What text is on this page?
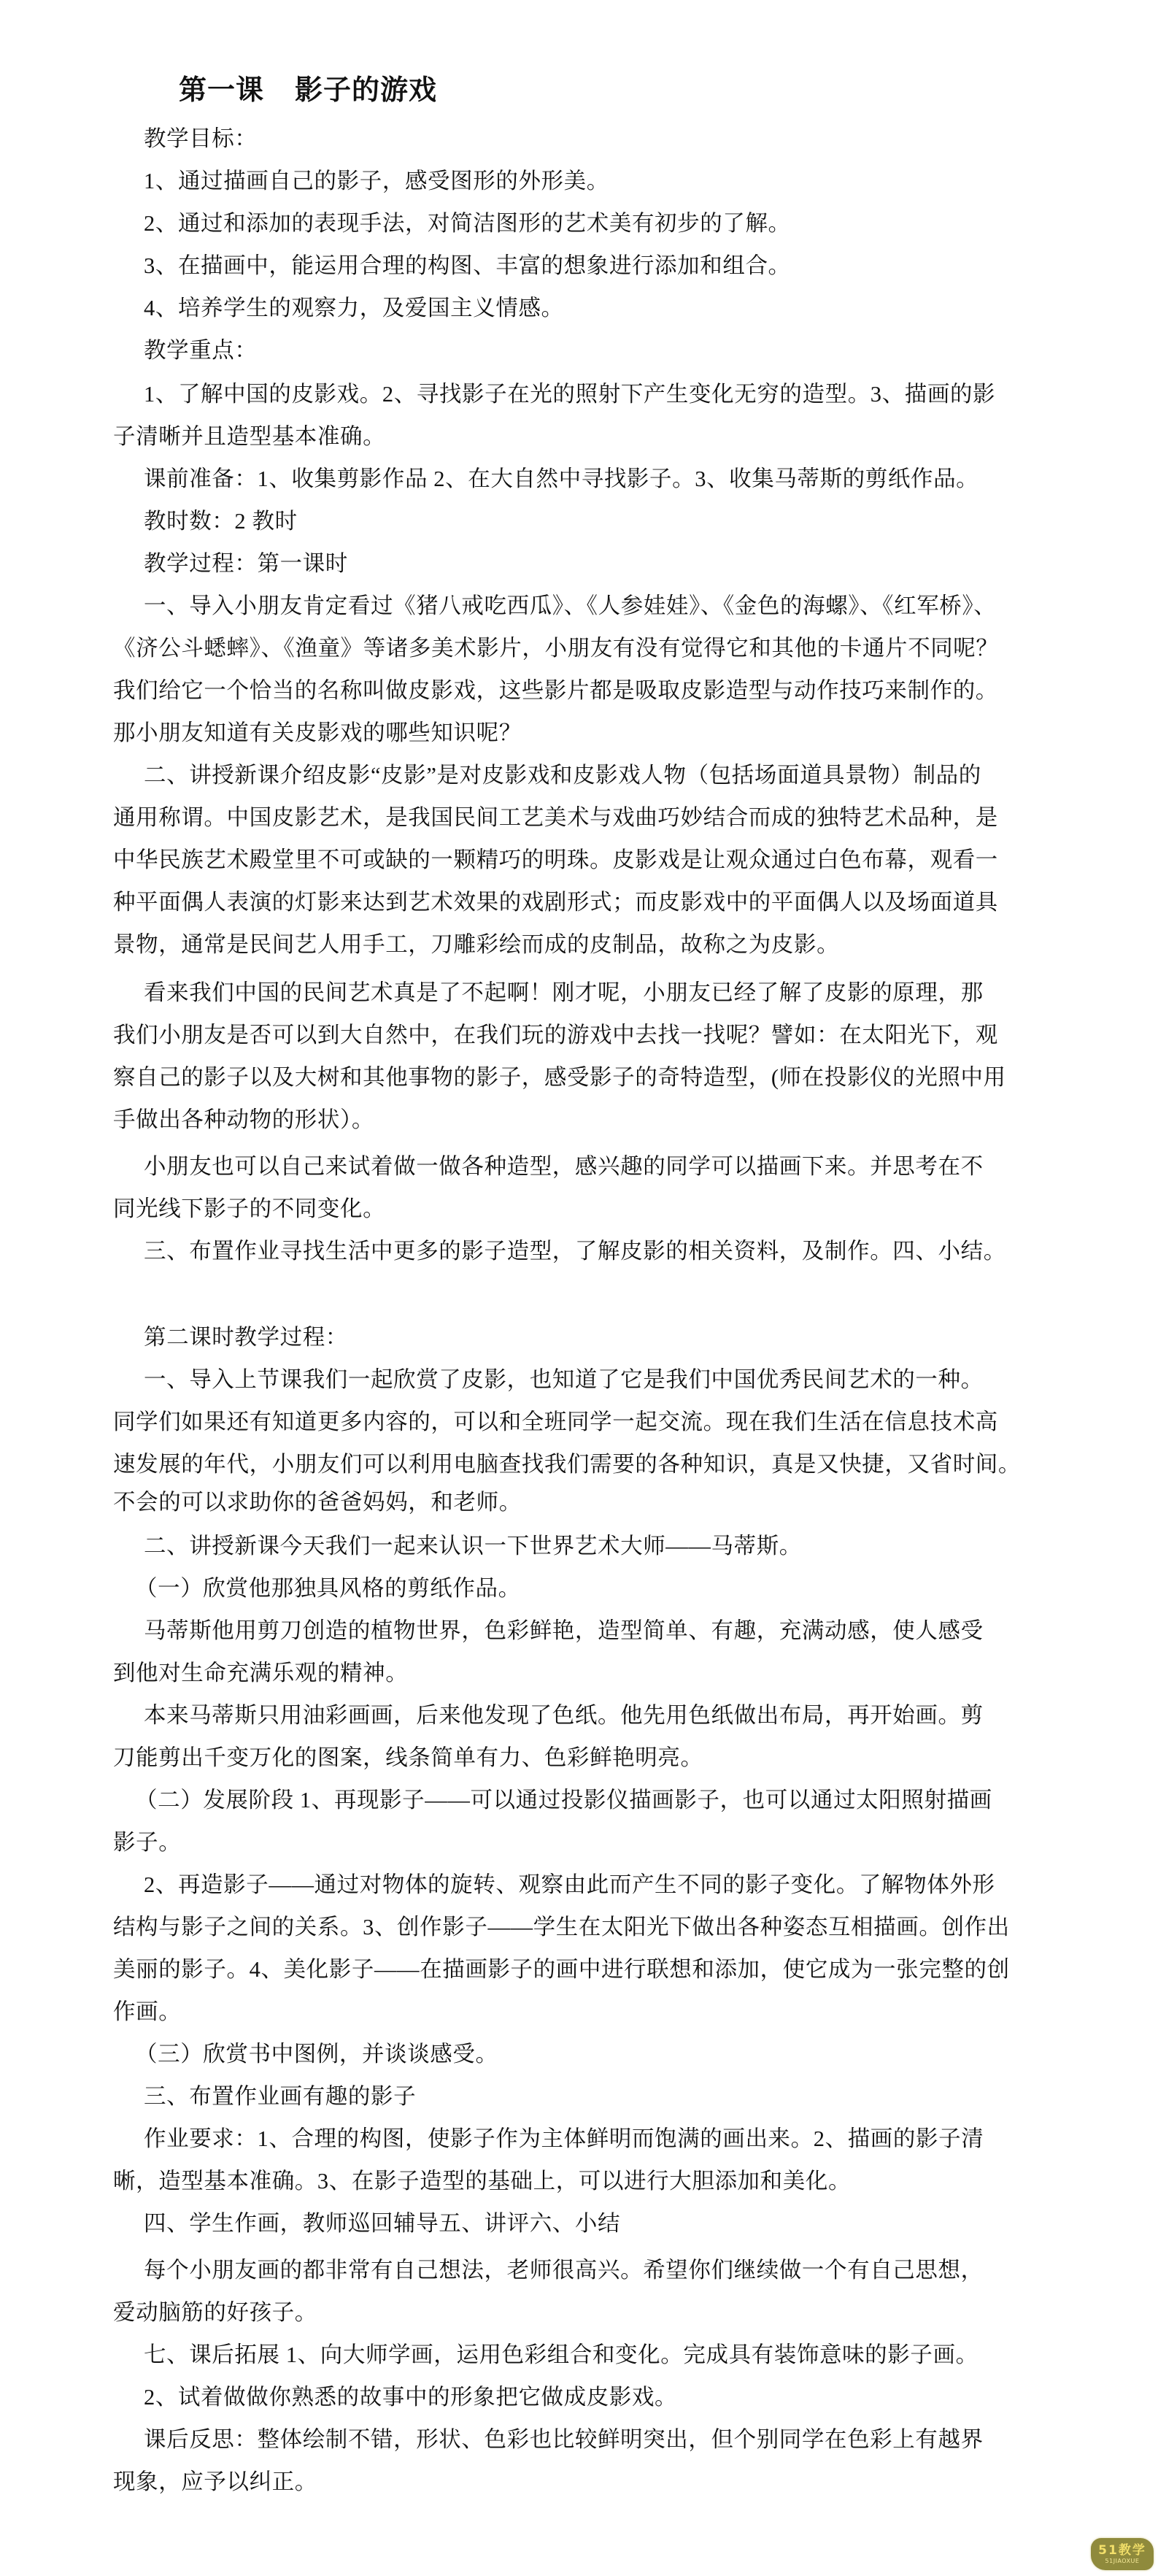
第一课    影子的游戏
教学目标：
1、通过描画自己的影子，感受图形的外形美。
2、通过和添加的表现手法，对简洁图形的艺术美有初步的了解。
3、在描画中，能运用合理的构图、丰富的想象进行添加和组合。
4、培养学生的观察力，及爱国主义情感。
教学重点：
1、了解中国的皮影戏。2、寻找影子在光的照射下产生变化无穷的造型。3、描画的影
子清晰并且造型基本准确。
课前准备：1、收集剪影作品 2、在大自然中寻找影子。3、收集马蒂斯的剪纸作品。
教时数：2 教时
教学过程：第一课时
一、导入小朋友肯定看过《猪八戒吃西瓜》、《人参娃娃》、《金色的海螺》、《红军桥》、
《济公斗蟋蟀》、《渔童》等诸多美术影片，小朋友有没有觉得它和其他的卡通片不同呢？
我们给它一个恰当的名称叫做皮影戏，这些影片都是吸取皮影造型与动作技巧来制作的。
那小朋友知道有关皮影戏的哪些知识呢？
二、讲授新课介绍皮影“皮影”是对皮影戏和皮影戏人物（包括场面道具景物）制品的
通用称谓。中国皮影艺术，是我国民间工艺美术与戏曲巧妙结合而成的独特艺术品种，是
中华民族艺术殿堂里不可或缺的一颗精巧的明珠。皮影戏是让观众通过白色布幕，观看一
种平面偶人表演的灯影来达到艺术效果的戏剧形式；而皮影戏中的平面偶人以及场面道具
景物，通常是民间艺人用手工，刀雕彩绘而成的皮制品，故称之为皮影。
看来我们中国的民间艺术真是了不起啊！刚才呢，小朋友已经了解了皮影的原理，那
我们小朋友是否可以到大自然中，在我们玩的游戏中去找一找呢？譬如：在太阳光下，观
察自己的影子以及大树和其他事物的影子，感受影子的奇特造型，(师在投影仪的光照中用
手做出各种动物的形状）。
小朋友也可以自己来试着做一做各种造型，感兴趣的同学可以描画下来。并思考在不
同光线下影子的不同变化。
三、布置作业寻找生活中更多的影子造型，了解皮影的相关资料，及制作。四、小结。
第二课时教学过程：
一、导入上节课我们一起欣赏了皮影，也知道了它是我们中国优秀民间艺术的一种。
同学们如果还有知道更多内容的，可以和全班同学一起交流。现在我们生活在信息技术高
速发展的年代，小朋友们可以利用电脑查找我们需要的各种知识，真是又快捷，又省时间。
不会的可以求助你的爸爸妈妈，和老师。
二、讲授新课今天我们一起来认识一下世界艺术大师——马蒂斯。
（一）欣赏他那独具风格的剪纸作品。
马蒂斯他用剪刀创造的植物世界，色彩鲜艳，造型简单、有趣，充满动感，使人感受
到他对生命充满乐观的精神。
本来马蒂斯只用油彩画画，后来他发现了色纸。他先用色纸做出布局，再开始画。剪
刀能剪出千变万化的图案，线条简单有力、色彩鲜艳明亮。
（二）发展阶段 1、再现影子——可以通过投影仪描画影子，也可以通过太阳照射描画
影子。
2、再造影子——通过对物体的旋转、观察由此而产生不同的影子变化。了解物体外形
结构与影子之间的关系。3、创作影子——学生在太阳光下做出各种姿态互相描画。创作出
美丽的影子。4、美化影子——在描画影子的画中进行联想和添加，使它成为一张完整的创
作画。
（三）欣赏书中图例，并谈谈感受。
三、布置作业画有趣的影子
作业要求：1、合理的构图，使影子作为主体鲜明而饱满的画出来。2、描画的影子清
晰，造型基本准确。3、在影子造型的基础上，可以进行大胆添加和美化。
四、学生作画，教师巡回辅导五、讲评六、小结
每个小朋友画的都非常有自己想法，老师很高兴。希望你们继续做一个有自己思想，
爱动脑筋的好孩子。
七、课后拓展 1、向大师学画，运用色彩组合和变化。完成具有装饰意味的影子画。
2、试着做做你熟悉的故事中的形象把它做成皮影戏。
课后反思：整体绘制不错，形状、色彩也比较鲜明突出，但个别同学在色彩上有越界
现象，应予以纠正。
51教学
51JIAOXUE
